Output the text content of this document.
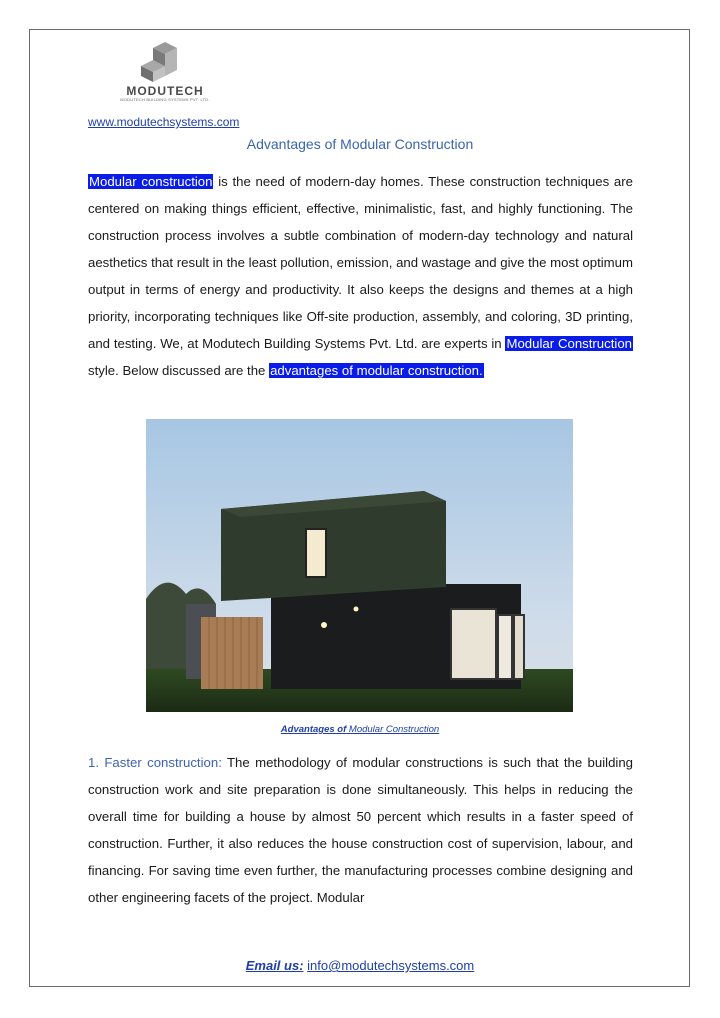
MODUTECH
MODUTECH BUILDING SYSTEMS PVT. LTD.
www.modutechsystems.com
Advantages of Modular Construction
Modular construction is the need of modern-day homes. These construction techniques are centered on making things efficient, effective, minimalistic, fast, and highly functioning. The construction process involves a subtle combination of modern-day technology and natural aesthetics that result in the least pollution, emission, and wastage and give the most optimum output in terms of energy and productivity. It also keeps the designs and themes at a high priority, incorporating techniques like Off-site production, assembly, and coloring, 3D printing, and testing. We, at Modutech Building Systems Pvt. Ltd. are experts in Modular Construction style. Below discussed are the advantages of modular construction.
Advantages of Modular Construction
1. Faster construction: The methodology of modular constructions is such that the building construction work and site preparation is done simultaneously. This helps in reducing the overall time for building a house by almost 50 percent which results in a faster speed of construction. Further, it also reduces the house construction cost of supervision, labour, and financing. For saving time even further, the manufacturing processes combine designing and other engineering facets of the project. Modular
Email us: info@modutechsystems.com
